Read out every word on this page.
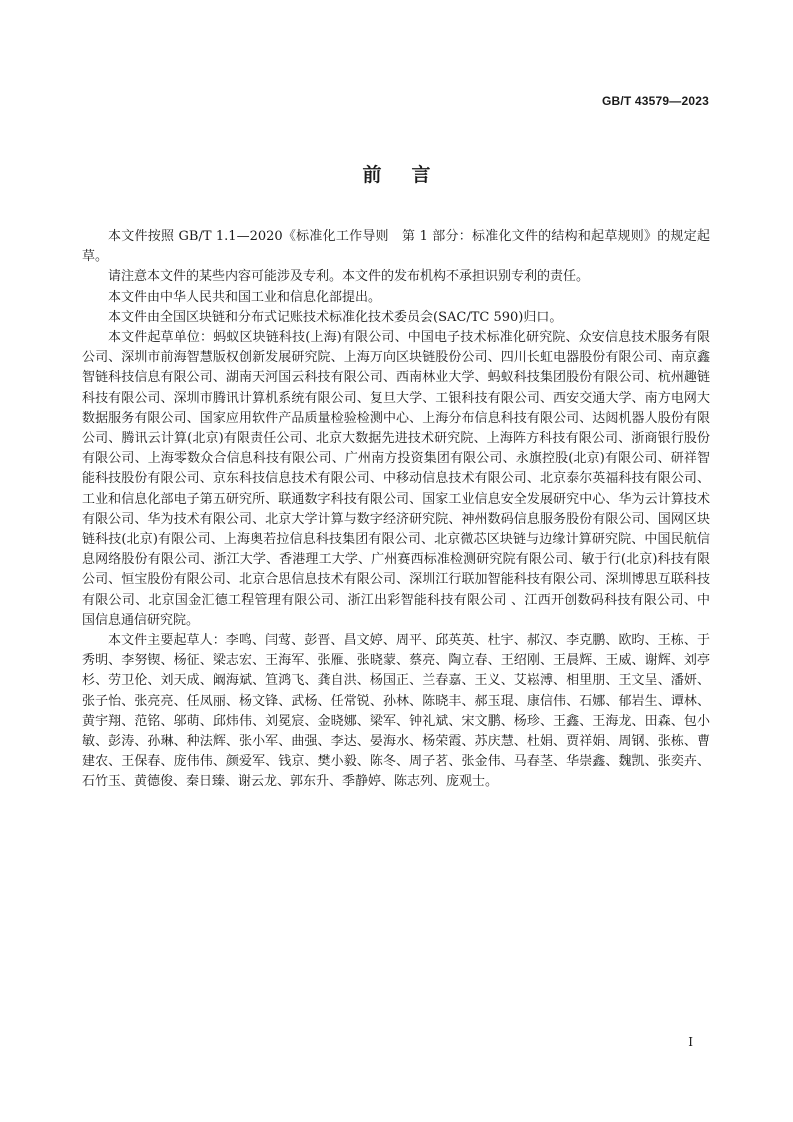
GB/T 43579—2023
前言

本文件按照 GB/T 1.1—2020《标准化工作导则　第 1 部分：标准化文件的结构和起草规则》的规定起草。

请注意本文件的某些内容可能涉及专利。本文件的发布机构不承担识别专利的责任。

本文件由中华人民共和国工业和信息化部提出。

本文件由全国区块链和分布式记账技术标准化技术委员会(SAC/TC 590)归口。

本文件起草单位：蚂蚁区块链科技(上海)有限公司、中国电子技术标准化研究院、众安信息技术服务有限公司、深圳市前海智慧版权创新发展研究院、上海万向区块链股份公司、四川长虹电器股份有限公司、南京鑫智链科技信息有限公司、湖南天河国云科技有限公司、西南林业大学、蚂蚁科技集团股份有限公司、杭州趣链科技有限公司、深圳市腾讯计算机系统有限公司、复旦大学、工银科技有限公司、西安交通大学、南方电网大数据服务有限公司、国家应用软件产品质量检验检测中心、上海分布信息科技有限公司、达闼机器人股份有限公司、腾讯云计算(北京)有限责任公司、北京大数据先进技术研究院、上海阵方科技有限公司、浙商银行股份有限公司、上海零数众合信息科技有限公司、广州南方投资集团有限公司、永旗控股(北京)有限公司、研祥智能科技股份有限公司、京东科技信息技术有限公司、中移动信息技术有限公司、北京泰尔英福科技有限公司、工业和信息化部电子第五研究所、联通数字科技有限公司、国家工业信息安全发展研究中心、华为云计算技术有限公司、华为技术有限公司、北京大学计算与数字经济研究院、神州数码信息服务股份有限公司、国网区块链科技(北京)有限公司、上海奥若拉信息科技集团有限公司、北京微芯区块链与边缘计算研究院、中国民航信息网络股份有限公司、浙江大学、香港理工大学、广州赛西标准检测研究院有限公司、敏于行(北京)科技有限公司、恒宝股份有限公司、北京合思信息技术有限公司、深圳江行联加智能科技有限公司、深圳博思互联科技有限公司、北京国金汇德工程管理有限公司、浙江出彩智能科技有限公司 、江西开创数码科技有限公司、中国信息通信研究院。

本文件主要起草人：李鸣、闫莺、彭晋、昌文婷、周平、邱英英、杜宇、郝汉、李克鹏、欧昀、王栋、于秀明、李努锲、杨征、梁志宏、王海军、张雁、张晓蒙、蔡亮、陶立春、王绍刚、王晨辉、王威、谢辉、刘亭杉、劳卫伦、刘天成、阚海斌、笪鸿飞、龚自洪、杨国正、兰春嘉、王义、艾崧溥、相里朋、王文呈、潘妍、张子怡、张亮亮、任凤丽、杨文锋、武杨、任常锐、孙林、陈晓丰、郝玉琨、康信伟、石娜、郁岩生、谭林、黄宇翔、范铭、邬萌、邱炜伟、刘冕宸、金晓娜、梁军、钟礼斌、宋文鹏、杨珍、王鑫、王海龙、田森、包小敏、彭涛、孙琳、种法辉、张小军、曲强、李达、晏海水、杨荣霞、苏庆慧、杜娟、贾祥娟、周钢、张栋、曹建农、王保春、庞伟伟、颜爱军、钱京、樊小毅、陈冬、周子茗、张金伟、马春茎、华崇鑫、魏凯、张奕卉、石竹玉、黄德俊、秦日臻、谢云龙、郭东升、季静婷、陈志列、庞观士。

I
